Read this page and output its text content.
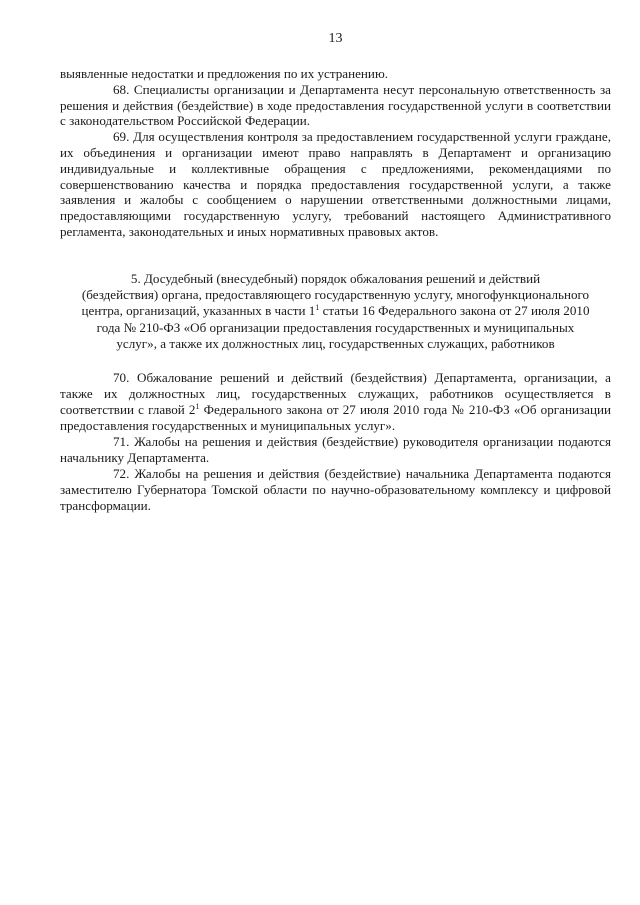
13

выявленные недостатки и предложения по их устранению.

68. Специалисты организации и Департамента несут персональную ответственность за решения и действия (бездействие) в ходе предоставления государственной услуги в соответствии с законодательством Российской Федерации.

69. Для осуществления контроля за предоставлением государственной услуги граждане, их объединения и организации имеют право направлять в Департамент и организацию индивидуальные и коллективные обращения с предложениями, рекомендациями по совершенствованию качества и порядка предоставления государственной услуги, а также заявления и жалобы с сообщением о нарушении ответственными должностными лицами, предоставляющими государственную услугу, требований настоящего Административного регламента, законодательных и иных нормативных правовых актов.

5. Досудебный (внесудебный) порядок обжалования решений и действий
(бездействия) органа, предоставляющего государственную услугу, многофункционального
центра, организаций, указанных в части $1^1$ статьи 16 Федерального закона от 27 июля 2010
года № 210-ФЗ «Об организации предоставления государственных и муниципальных
услуг», а также их должностных лиц, государственных служащих, работников

70. Обжалование решений и действий (бездействия) Департамента, организации, а также их должностных лиц, государственных служащих, работников осуществляется в соответствии с главой $2^1$ Федерального закона от 27 июля 2010 года № 210-ФЗ «Об организации предоставления государственных и муниципальных услуг».

71. Жалобы на решения и действия (бездействие) руководителя организации подаются начальнику Департамента.

72. Жалобы на решения и действия (бездействие) начальника Департамента подаются заместителю Губернатора Томской области по научно-образовательному комплексу и цифровой трансформации.
